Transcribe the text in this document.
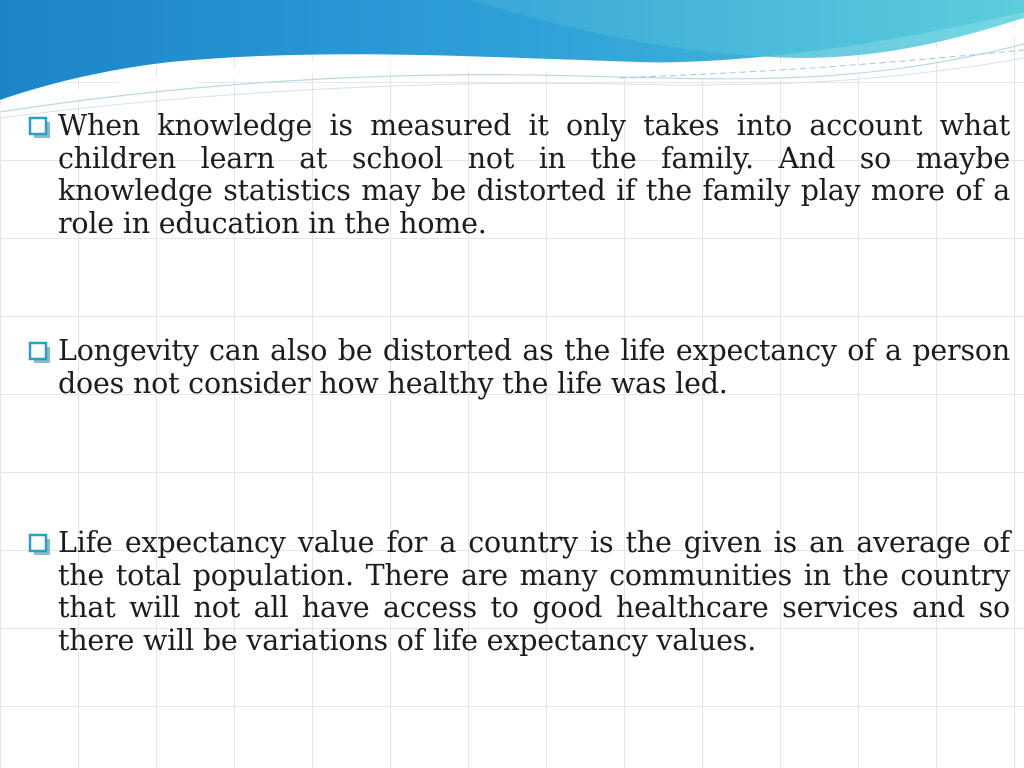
When knowledge is measured it only takes into account what children learn at school not in the family. And so maybe knowledge statistics may be distorted if the family play more of a role in education in the home.

Longevity can also be distorted as the life expectancy of a person does not consider how healthy the life was led.

Life expectancy value for a country is the given is an average of the total population. There are many communities in the country that will not all have access to good healthcare services and so there will be variations of life expectancy values.
